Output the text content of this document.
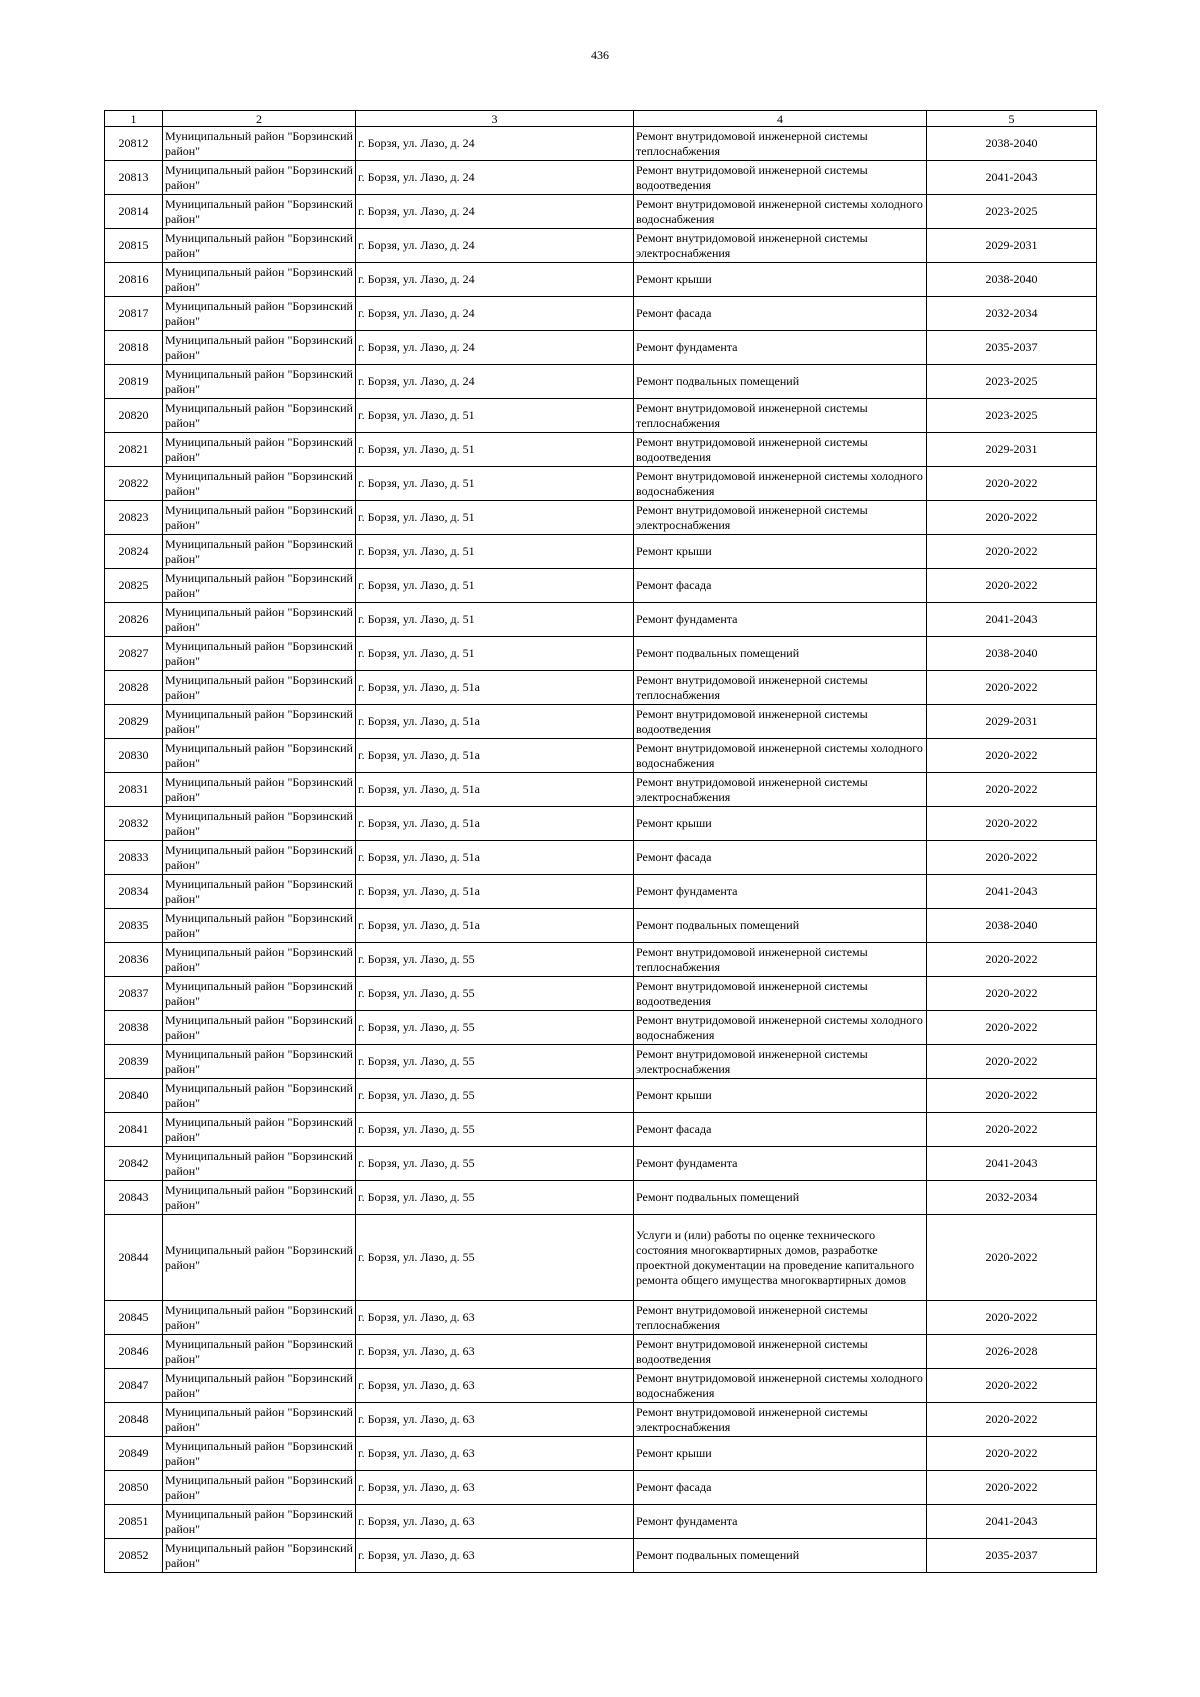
436
1	2	3	4	5
20812	Муниципальный район "Борзинский район"	г. Борзя, ул. Лазо, д. 24	Ремонт внутридомовой инженерной системы теплоснабжения	2038-2040
20813	Муниципальный район "Борзинский район"	г. Борзя, ул. Лазо, д. 24	Ремонт внутридомовой инженерной системы водоотведения	2041-2043
20814	Муниципальный район "Борзинский район"	г. Борзя, ул. Лазо, д. 24	Ремонт внутридомовой инженерной системы холодного водоснабжения	2023-2025
20815	Муниципальный район "Борзинский район"	г. Борзя, ул. Лазо, д. 24	Ремонт внутридомовой инженерной системы электроснабжения	2029-2031
20816	Муниципальный район "Борзинский район"	г. Борзя, ул. Лазо, д. 24	Ремонт крыши	2038-2040
20817	Муниципальный район "Борзинский район"	г. Борзя, ул. Лазо, д. 24	Ремонт фасада	2032-2034
20818	Муниципальный район "Борзинский район"	г. Борзя, ул. Лазо, д. 24	Ремонт фундамента	2035-2037
20819	Муниципальный район "Борзинский район"	г. Борзя, ул. Лазо, д. 24	Ремонт подвальных помещений	2023-2025
20820	Муниципальный район "Борзинский район"	г. Борзя, ул. Лазо, д. 51	Ремонт внутридомовой инженерной системы теплоснабжения	2023-2025
20821	Муниципальный район "Борзинский район"	г. Борзя, ул. Лазо, д. 51	Ремонт внутридомовой инженерной системы водоотведения	2029-2031
20822	Муниципальный район "Борзинский район"	г. Борзя, ул. Лазо, д. 51	Ремонт внутридомовой инженерной системы холодного водоснабжения	2020-2022
20823	Муниципальный район "Борзинский район"	г. Борзя, ул. Лазо, д. 51	Ремонт внутридомовой инженерной системы электроснабжения	2020-2022
20824	Муниципальный район "Борзинский район"	г. Борзя, ул. Лазо, д. 51	Ремонт крыши	2020-2022
20825	Муниципальный район "Борзинский район"	г. Борзя, ул. Лазо, д. 51	Ремонт фасада	2020-2022
20826	Муниципальный район "Борзинский район"	г. Борзя, ул. Лазо, д. 51	Ремонт фундамента	2041-2043
20827	Муниципальный район "Борзинский район"	г. Борзя, ул. Лазо, д. 51	Ремонт подвальных помещений	2038-2040
20828	Муниципальный район "Борзинский район"	г. Борзя, ул. Лазо, д. 51а	Ремонт внутридомовой инженерной системы теплоснабжения	2020-2022
20829	Муниципальный район "Борзинский район"	г. Борзя, ул. Лазо, д. 51а	Ремонт внутридомовой инженерной системы водоотведения	2029-2031
20830	Муниципальный район "Борзинский район"	г. Борзя, ул. Лазо, д. 51а	Ремонт внутридомовой инженерной системы холодного водоснабжения	2020-2022
20831	Муниципальный район "Борзинский район"	г. Борзя, ул. Лазо, д. 51а	Ремонт внутридомовой инженерной системы электроснабжения	2020-2022
20832	Муниципальный район "Борзинский район"	г. Борзя, ул. Лазо, д. 51а	Ремонт крыши	2020-2022
20833	Муниципальный район "Борзинский район"	г. Борзя, ул. Лазо, д. 51а	Ремонт фасада	2020-2022
20834	Муниципальный район "Борзинский район"	г. Борзя, ул. Лазо, д. 51а	Ремонт фундамента	2041-2043
20835	Муниципальный район "Борзинский район"	г. Борзя, ул. Лазо, д. 51а	Ремонт подвальных помещений	2038-2040
20836	Муниципальный район "Борзинский район"	г. Борзя, ул. Лазо, д. 55	Ремонт внутридомовой инженерной системы теплоснабжения	2020-2022
20837	Муниципальный район "Борзинский район"	г. Борзя, ул. Лазо, д. 55	Ремонт внутридомовой инженерной системы водоотведения	2020-2022
20838	Муниципальный район "Борзинский район"	г. Борзя, ул. Лазо, д. 55	Ремонт внутридомовой инженерной системы холодного водоснабжения	2020-2022
20839	Муниципальный район "Борзинский район"	г. Борзя, ул. Лазо, д. 55	Ремонт внутридомовой инженерной системы электроснабжения	2020-2022
20840	Муниципальный район "Борзинский район"	г. Борзя, ул. Лазо, д. 55	Ремонт крыши	2020-2022
20841	Муниципальный район "Борзинский район"	г. Борзя, ул. Лазо, д. 55	Ремонт фасада	2020-2022
20842	Муниципальный район "Борзинский район"	г. Борзя, ул. Лазо, д. 55	Ремонт фундамента	2041-2043
20843	Муниципальный район "Борзинский район"	г. Борзя, ул. Лазо, д. 55	Ремонт подвальных помещений	2032-2034
20844	Муниципальный район "Борзинский район"	г. Борзя, ул. Лазо, д. 55	Услуги и (или) работы по оценке технического состояния многоквартирных домов, разработке проектной документации на проведение капитального ремонта общего имущества многоквартирных домов	2020-2022
20845	Муниципальный район "Борзинский район"	г. Борзя, ул. Лазо, д. 63	Ремонт внутридомовой инженерной системы теплоснабжения	2020-2022
20846	Муниципальный район "Борзинский район"	г. Борзя, ул. Лазо, д. 63	Ремонт внутридомовой инженерной системы водоотведения	2026-2028
20847	Муниципальный район "Борзинский район"	г. Борзя, ул. Лазо, д. 63	Ремонт внутридомовой инженерной системы холодного водоснабжения	2020-2022
20848	Муниципальный район "Борзинский район"	г. Борзя, ул. Лазо, д. 63	Ремонт внутридомовой инженерной системы электроснабжения	2020-2022
20849	Муниципальный район "Борзинский район"	г. Борзя, ул. Лазо, д. 63	Ремонт крыши	2020-2022
20850	Муниципальный район "Борзинский район"	г. Борзя, ул. Лазо, д. 63	Ремонт фасада	2020-2022
20851	Муниципальный район "Борзинский район"	г. Борзя, ул. Лазо, д. 63	Ремонт фундамента	2041-2043
20852	Муниципальный район "Борзинский район"	г. Борзя, ул. Лазо, д. 63	Ремонт подвальных помещений	2035-2037
